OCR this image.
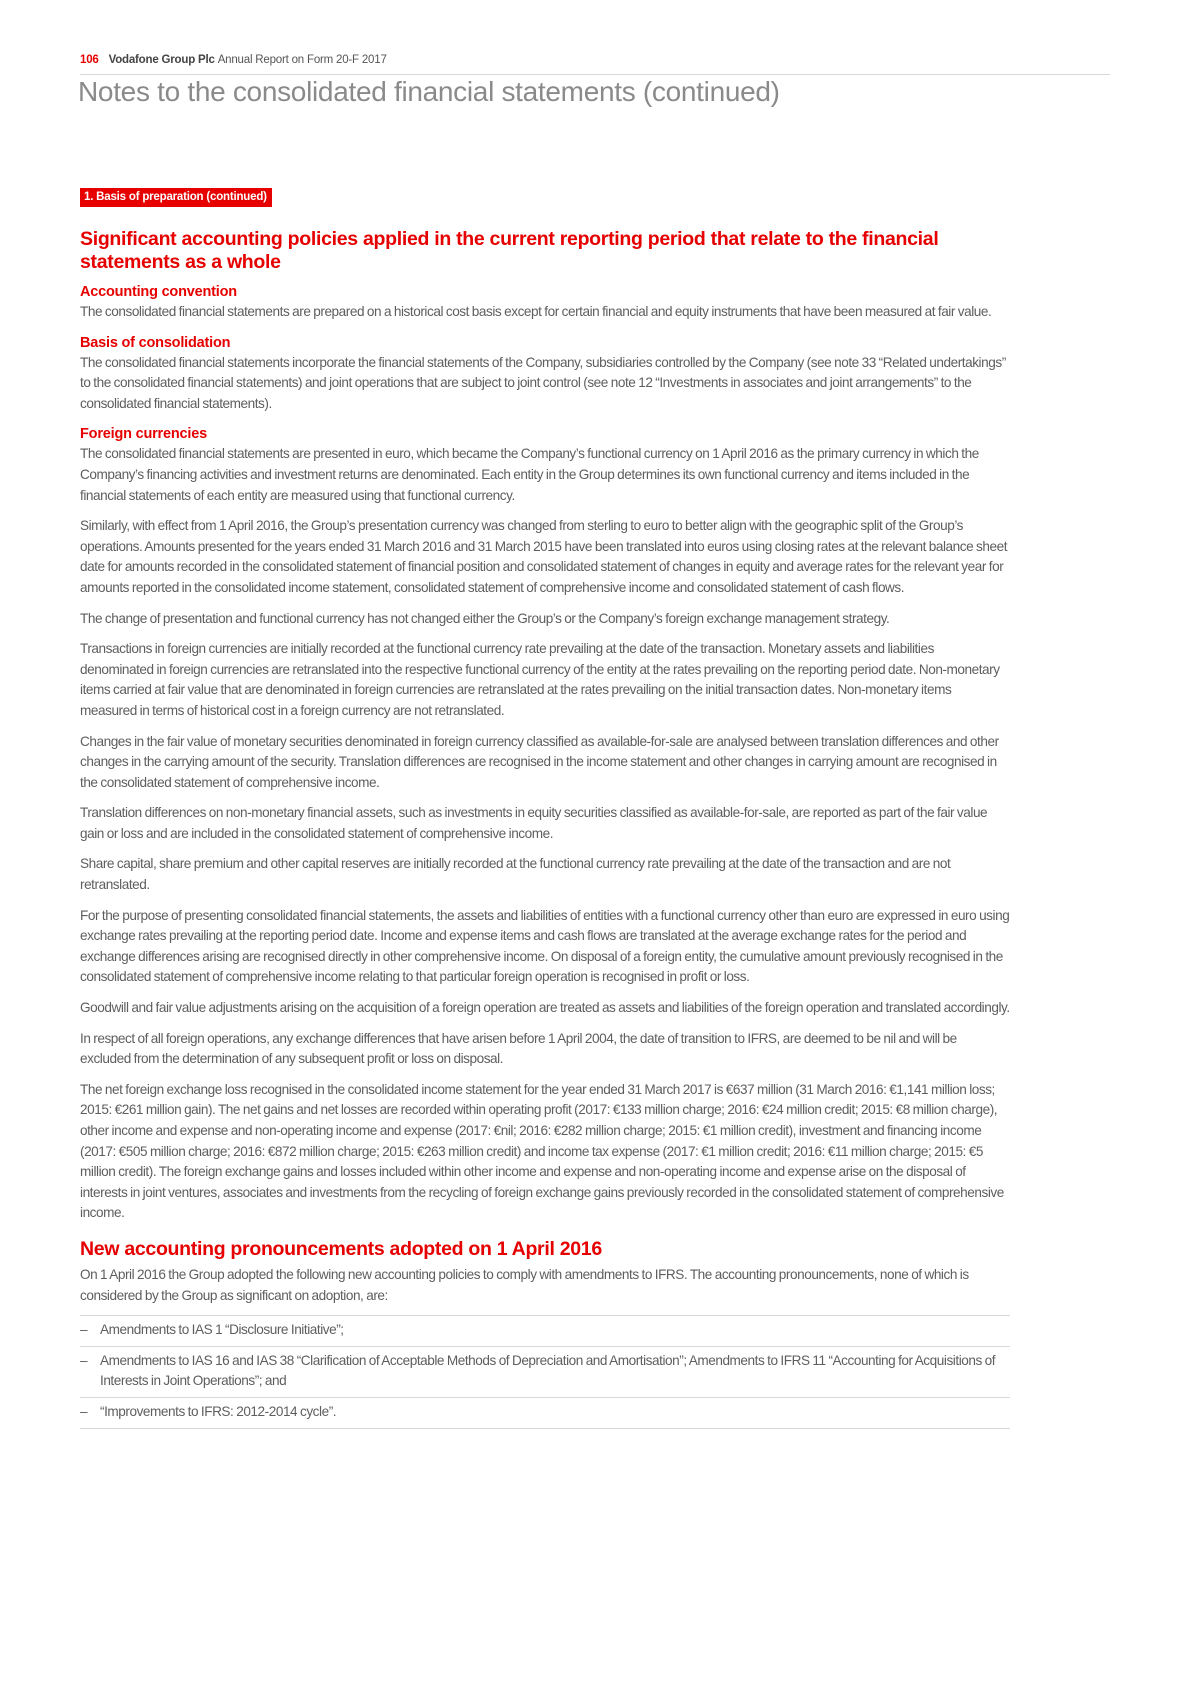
106 Vodafone Group Plc Annual Report on Form 20-F 2017
Notes to the consolidated financial statements (continued)
1. Basis of preparation (continued)
Significant accounting policies applied in the current reporting period that relate to the financial statements as a whole
Accounting convention

The consolidated financial statements are prepared on a historical cost basis except for certain financial and equity instruments that have been measured at fair value.

Basis of consolidation

The consolidated financial statements incorporate the financial statements of the Company, subsidiaries controlled by the Company (see note 33 “Related undertakings” to the consolidated financial statements) and joint operations that are subject to joint control (see note 12 “Investments in associates and joint arrangements” to the consolidated financial statements).

Foreign currencies

The consolidated financial statements are presented in euro, which became the Company’s functional currency on 1 April 2016 as the primary currency in which the Company’s financing activities and investment returns are denominated. Each entity in the Group determines its own functional currency and items included in the financial statements of each entity are measured using that functional currency.

Similarly, with effect from 1 April 2016, the Group’s presentation currency was changed from sterling to euro to better align with the geographic split of the Group’s operations. Amounts presented for the years ended 31 March 2016 and 31 March 2015 have been translated into euros using closing rates at the relevant balance sheet date for amounts recorded in the consolidated statement of financial position and consolidated statement of changes in equity and average rates for the relevant year for amounts reported in the consolidated income statement, consolidated statement of comprehensive income and consolidated statement of cash flows.

The change of presentation and functional currency has not changed either the Group’s or the Company’s foreign exchange management strategy.

Transactions in foreign currencies are initially recorded at the functional currency rate prevailing at the date of the transaction. Monetary assets and liabilities denominated in foreign currencies are retranslated into the respective functional currency of the entity at the rates prevailing on the reporting period date. Non-monetary items carried at fair value that are denominated in foreign currencies are retranslated at the rates prevailing on the initial transaction dates. Non-monetary items measured in terms of historical cost in a foreign currency are not retranslated.

Changes in the fair value of monetary securities denominated in foreign currency classified as available-for-sale are analysed between translation differences and other changes in the carrying amount of the security. Translation differences are recognised in the income statement and other changes in carrying amount are recognised in the consolidated statement of comprehensive income.

Translation differences on non-monetary financial assets, such as investments in equity securities classified as available-for-sale, are reported as part of the fair value gain or loss and are included in the consolidated statement of comprehensive income.

Share capital, share premium and other capital reserves are initially recorded at the functional currency rate prevailing at the date of the transaction and are not retranslated.

For the purpose of presenting consolidated financial statements, the assets and liabilities of entities with a functional currency other than euro are expressed in euro using exchange rates prevailing at the reporting period date. Income and expense items and cash flows are translated at the average exchange rates for the period and exchange differences arising are recognised directly in other comprehensive income. On disposal of a foreign entity, the cumulative amount previously recognised in the consolidated statement of comprehensive income relating to that particular foreign operation is recognised in profit or loss.

Goodwill and fair value adjustments arising on the acquisition of a foreign operation are treated as assets and liabilities of the foreign operation and translated accordingly.

In respect of all foreign operations, any exchange differences that have arisen before 1 April 2004, the date of transition to IFRS, are deemed to be nil and will be excluded from the determination of any subsequent profit or loss on disposal.

The net foreign exchange loss recognised in the consolidated income statement for the year ended 31 March 2017 is €637 million (31 March 2016: €1,141 million loss; 2015: €261 million gain). The net gains and net losses are recorded within operating profit (2017: €133 million charge; 2016: €24 million credit; 2015: €8 million charge), other income and expense and non-operating income and expense (2017: €nil; 2016: €282 million charge; 2015: €1 million credit), investment and financing income (2017: €505 million charge; 2016: €872 million charge; 2015: €263 million credit) and income tax expense (2017: €1 million credit; 2016: €11 million charge; 2015: €5 million credit). The foreign exchange gains and losses included within other income and expense and non-operating income and expense arise on the disposal of interests in joint ventures, associates and investments from the recycling of foreign exchange gains previously recorded in the consolidated statement of comprehensive income.

New accounting pronouncements adopted on 1 April 2016

On 1 April 2016 the Group adopted the following new accounting policies to comply with amendments to IFRS. The accounting pronouncements, none of which is considered by the Group as significant on adoption, are:

– Amendments to IAS 1 “Disclosure Initiative”;
– Amendments to IAS 16 and IAS 38 “Clarification of Acceptable Methods of Depreciation and Amortisation”; Amendments to IFRS 11 “Accounting for Acquisitions of Interests in Joint Operations”; and
– “Improvements to IFRS: 2012-2014 cycle”.
